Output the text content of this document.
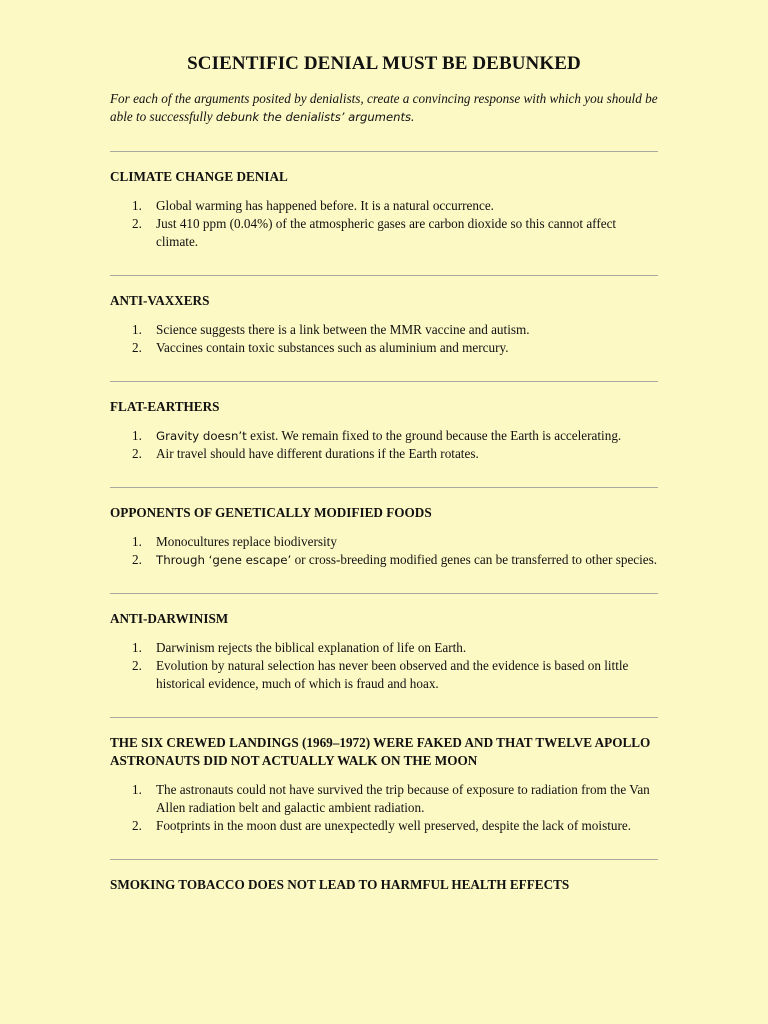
SCIENTIFIC DENIAL MUST BE DEBUNKED

For each of the arguments posited by denialists, create a convincing response with which you should be able to successfully debunk the denialists’ arguments.

CLIMATE CHANGE DENIAL
1. Global warming has happened before. It is a natural occurrence.
2. Just 410 ppm (0.04%) of the atmospheric gases are carbon dioxide so this cannot affect climate.
ANTI-VAXXERS
1. Science suggests there is a link between the MMR vaccine and autism.
2. Vaccines contain toxic substances such as aluminium and mercury.
FLAT-EARTHERS
1. Gravity doesn’t exist. We remain fixed to the ground because the Earth is accelerating.
2. Air travel should have different durations if the Earth rotates.
OPPONENTS OF GENETICALLY MODIFIED FOODS
1. Monocultures replace biodiversity
2. Through ‘gene escape’ or cross-breeding modified genes can be transferred to other species.
ANTI-DARWINISM
1. Darwinism rejects the biblical explanation of life on Earth.
2. Evolution by natural selection has never been observed and the evidence is based on little historical evidence, much of which is fraud and hoax.
THE SIX CREWED LANDINGS (1969–1972) WERE FAKED AND THAT TWELVE APOLLO ASTRONAUTS DID NOT ACTUALLY WALK ON THE MOON
1. The astronauts could not have survived the trip because of exposure to radiation from the Van Allen radiation belt and galactic ambient radiation.
2. Footprints in the moon dust are unexpectedly well preserved, despite the lack of moisture.
SMOKING TOBACCO DOES NOT LEAD TO HARMFUL HEALTH EFFECTS
